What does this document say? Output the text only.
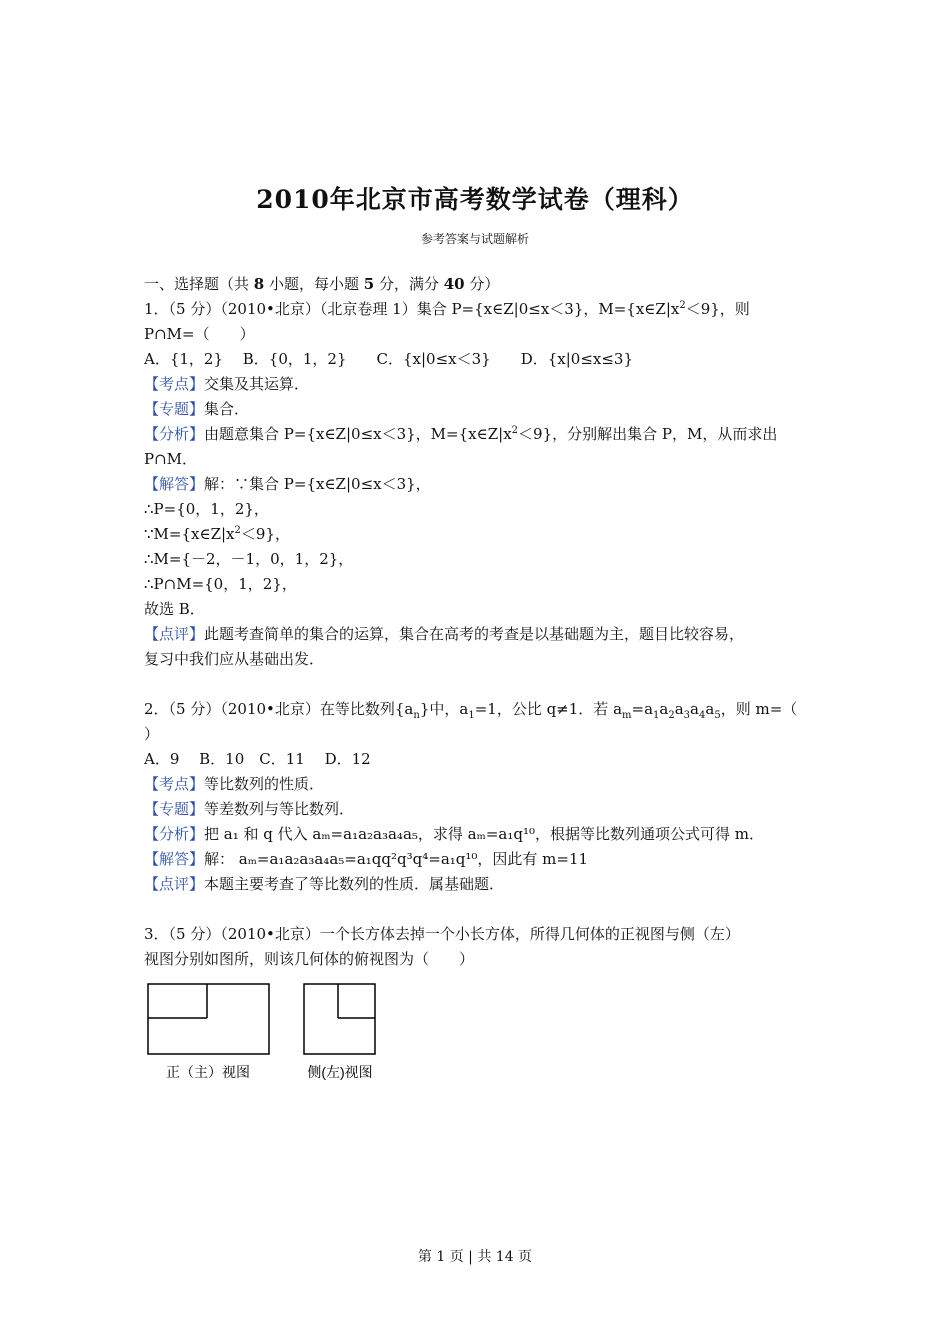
2010年北京市高考数学试卷（理科）
参考答案与试题解析

一、选择题（共 8 小题，每小题 5 分，满分 40 分）

1．（5 分）（2010•北京）（北京卷理 1）集合 P={x∈Z|0≤x＜3}，$M=\{x\in Z|x^2<9\}$，则

P∩M=（　　）

A．{1，2}　 B．{0，1，2}　　C．{x|0≤x＜3}　　D．{x|0≤x≤3}

【考点】交集及其运算．

【专题】集合．

【分析】由题意集合 P={x∈Z|0≤x＜3}，$M=\{x\in Z|x^2<9\}$，分别解出集合 P，M，从而求出

P∩M．

【解答】解：∵集合 P={x∈Z|0≤x＜3}，

∴P={0，1，2}，

$\because M=\{x\in Z|x^2<9\}$，

∴M={－2，－1，0，1，2}，

∴P∩M={0，1，2}，

故选 B．

【点评】此题考查简单的集合的运算，集合在高考的考查是以基础题为主，题目比较容易，

复习中我们应从基础出发．

2．（5 分）（2010•北京）在等比数列$\{a_n\}$中，$a_1=1$，公比 q≠1．若 $a_m=a_1a_2a_3a_4a_5$，则 m=（

）

A．9　 B．10　C．11　 D．12

【考点】等比数列的性质．

【专题】等差数列与等比数列．

【分析】把 a₁ 和 q 代入 aₘ=a₁a₂a₃a₄a₅，求得 aₘ=a₁q¹⁰，根据等比数列通项公式可得 m．

【解答】解： aₘ=a₁a₂a₃a₄a₅=a₁qq²q³q⁴=a₁q¹⁰，因此有 m=11

【点评】本题主要考查了等比数列的性质．属基础题．

3．（5 分）（2010•北京）一个长方体去掉一个小长方体，所得几何体的正视图与侧（左）

视图分别如图所，则该几何体的俯视图为（　　）

正（主）视图	侧(左)视图
第 1 页 | 共 14 页
